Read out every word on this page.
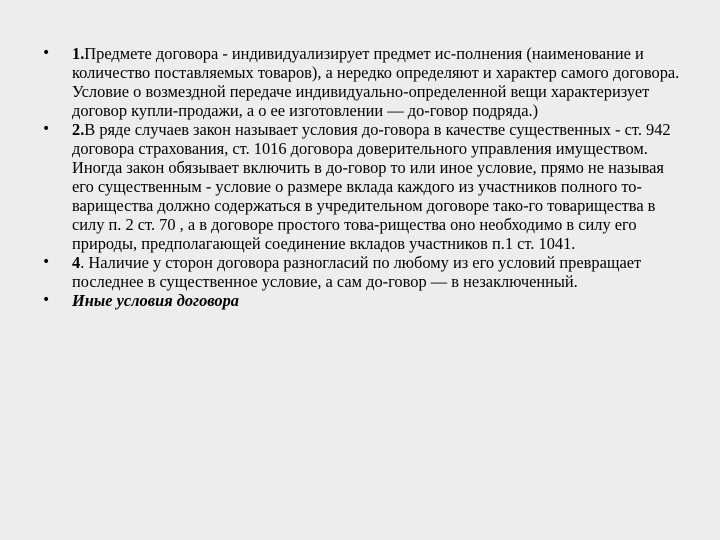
• 1.Предмете договора - индивидуализирует предмет ис-полнения (наименование и количество поставляемых товаров), а нередко определяют и характер самого договора. Условие о возмездной передаче индивидуально-определенной вещи характеризует договор купли-продажи, а о ее изготовлении — до-говор подряда.)
• 2.В ряде случаев закон называет условия до-говора в качестве существенных - ст. 942 договора страхования, ст. 1016 договора доверительного управления имуществом. Иногда закон обязывает включить в до-говор то или иное условие, прямо не называя его существенным - условие о размере вклада каждого из участников полного то-варищества должно содержаться в учредительном договоре тако-го товарищества в силу п. 2 ст. 70 , а в договоре простого това-рищества оно необходимо в силу его природы, предполагающей соединение вкладов участников п.1 ст. 1041.
• 4. Наличие у сторон договора разногласий по любому из его условий превращает последнее в существенное условие, а сам до-говор — в незаключенный.
• Иные условия договора
